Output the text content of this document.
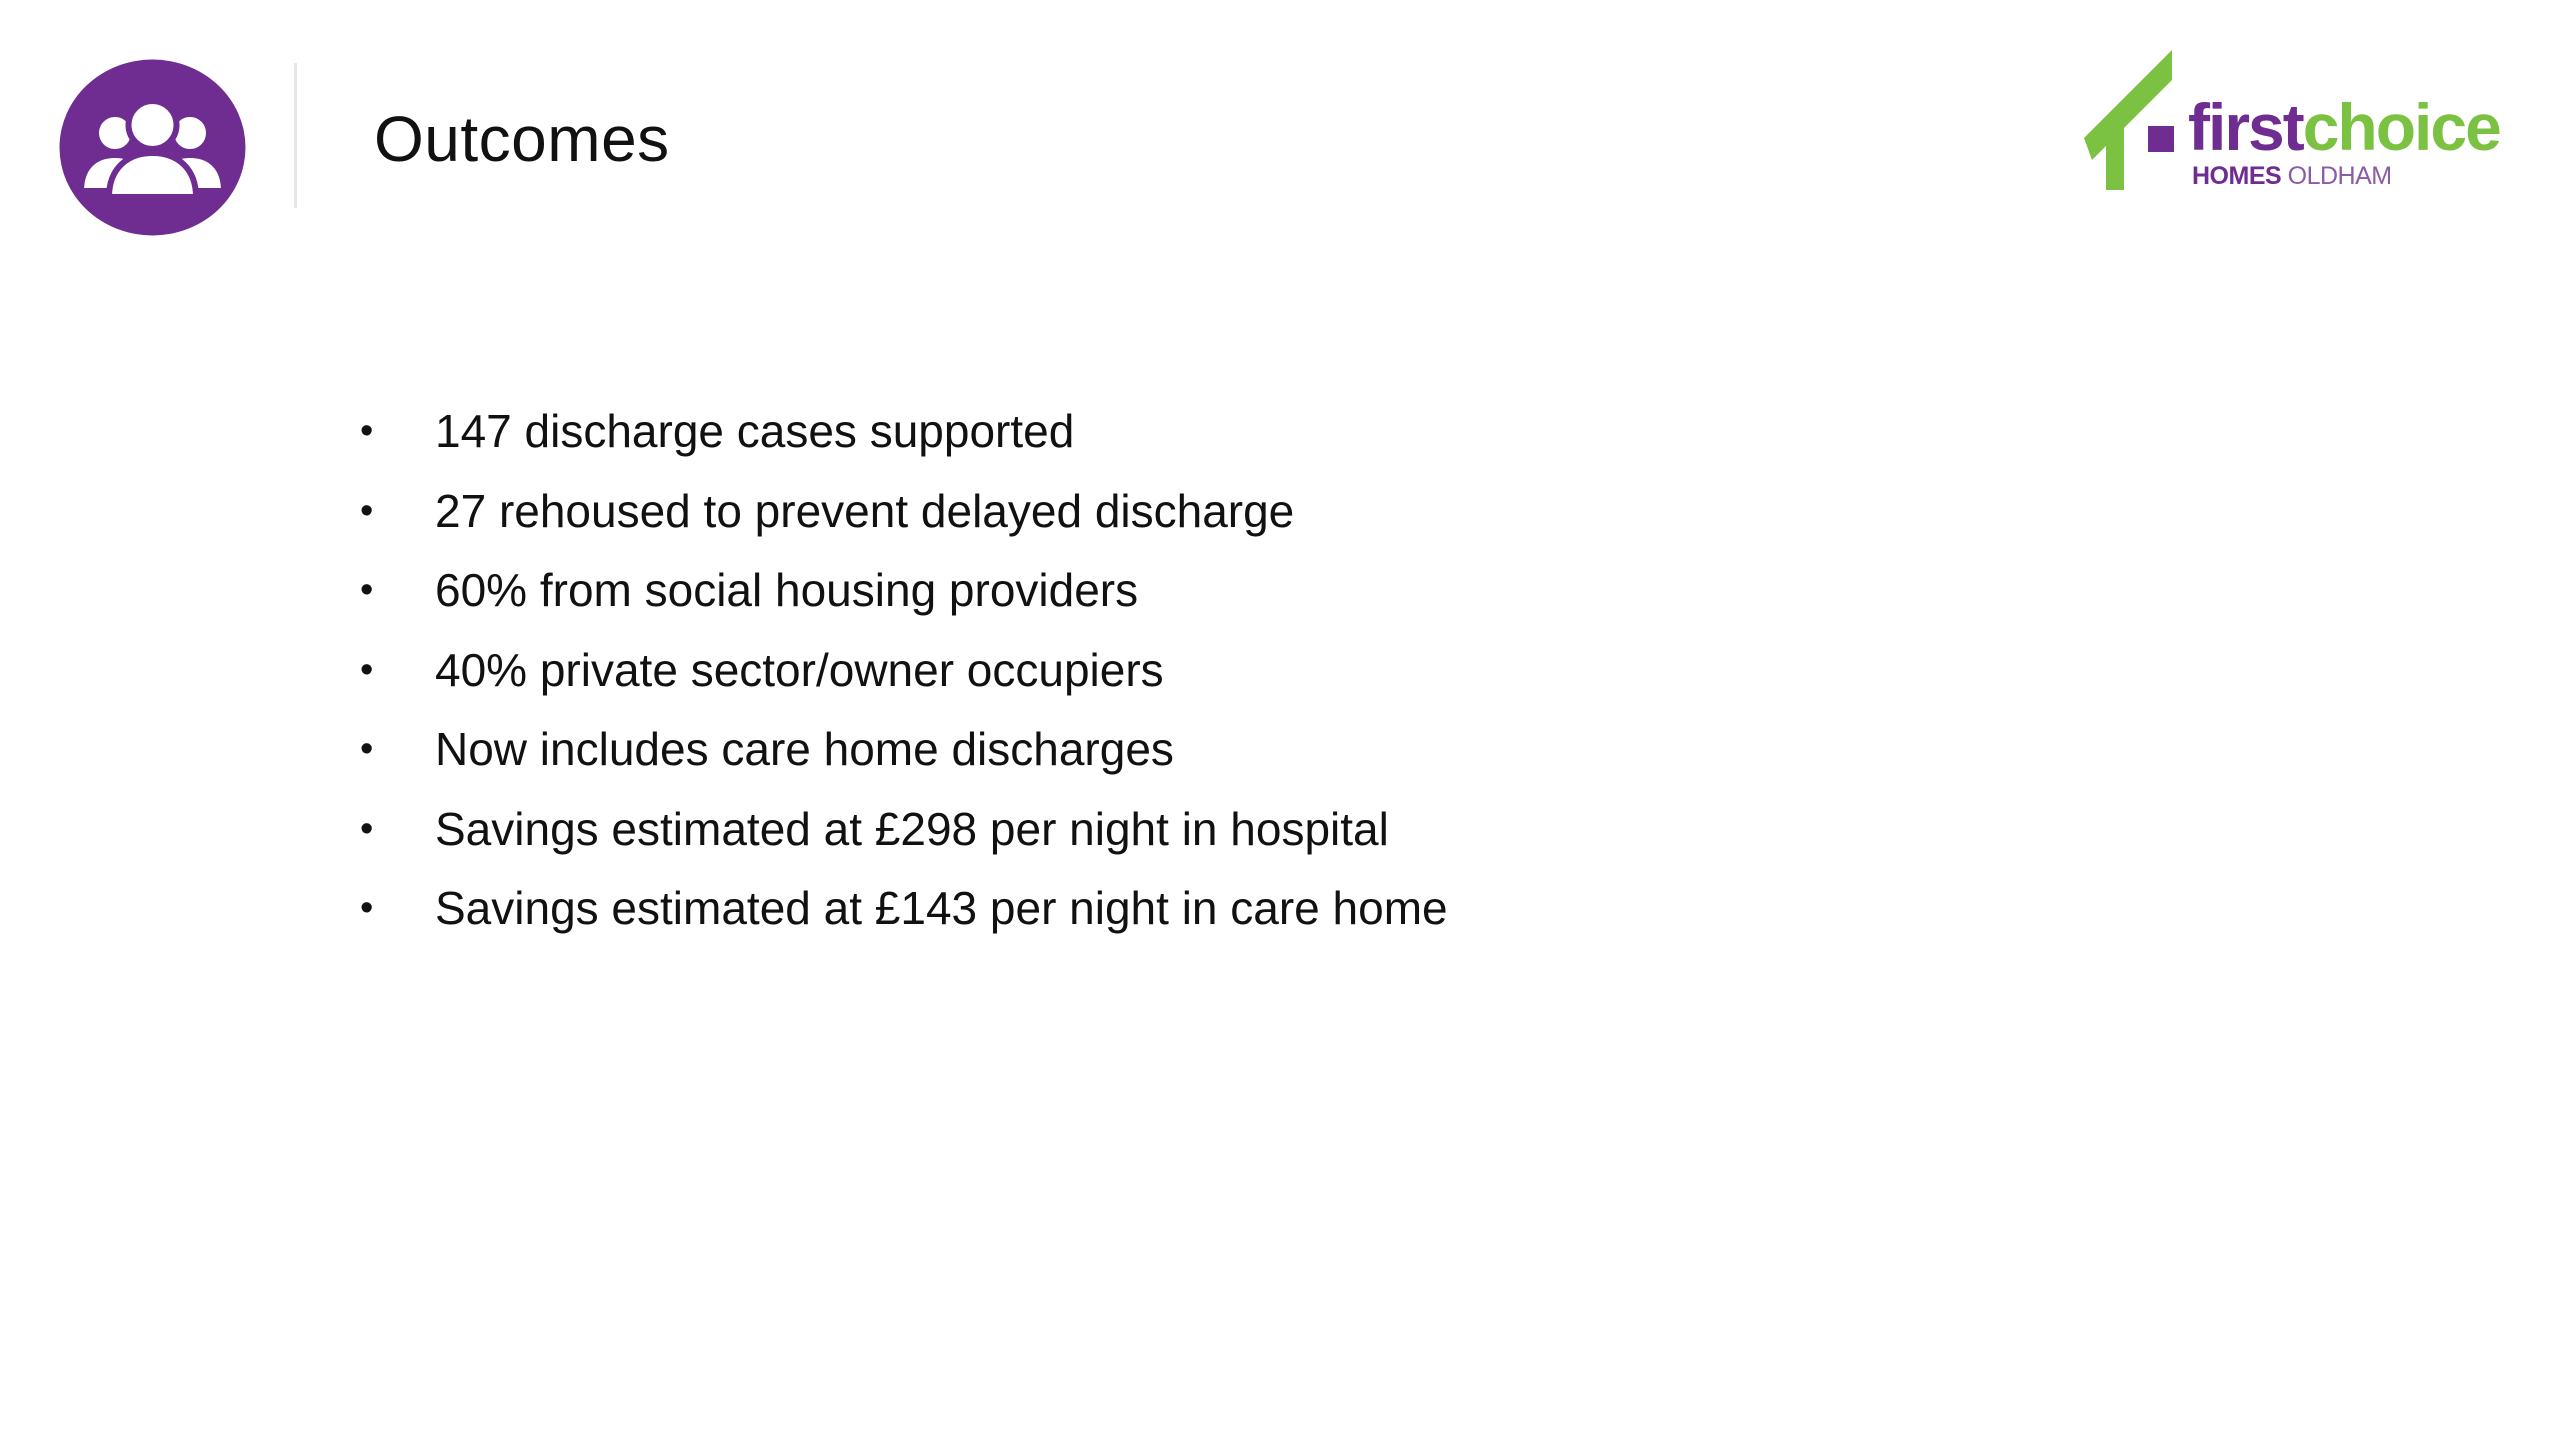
Outcomes	firstchoice
HOMES OLDHAM
•	147 discharge cases supported
•	27 rehoused to prevent delayed discharge
•	60% from social housing providers
•	40% private sector/owner occupiers
•	Now includes care home discharges
•	Savings estimated at £298 per night in hospital
•	Savings estimated at £143 per night in care home
